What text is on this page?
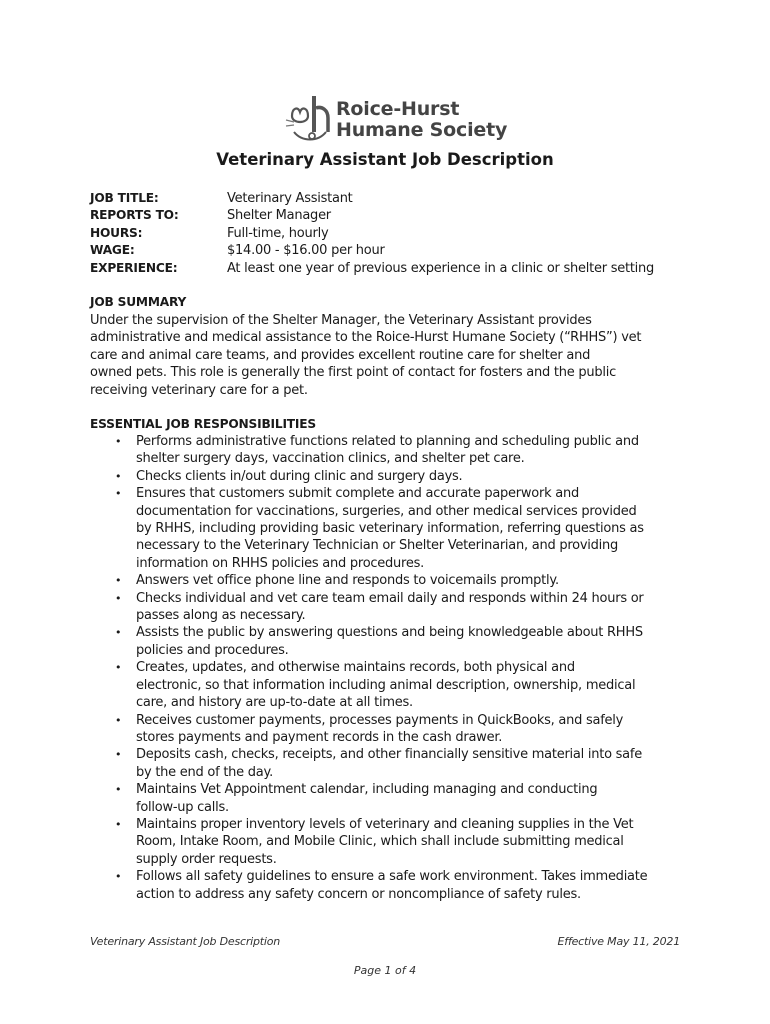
Roice-Hurst
Humane Society
Veterinary Assistant Job Description
JOB TITLE:	Veterinary Assistant
REPORTS TO:	Shelter Manager
HOURS:	Full-time, hourly
WAGE:	$14.00 - $16.00 per hour
EXPERIENCE:	At least one year of previous experience in a clinic or shelter setting
JOB SUMMARY
Under the supervision of the Shelter Manager, the Veterinary Assistant provides
administrative and medical assistance to the Roice-Hurst Humane Society (“RHHS”) vet
care and animal care teams, and provides excellent routine care for shelter and
owned pets. This role is generally the first point of contact for fosters and the public
receiving veterinary care for a pet.
ESSENTIAL JOB RESPONSIBILITIES
• Performs administrative functions related to planning and scheduling public and
shelter surgery days, vaccination clinics, and shelter pet care.
• Checks clients in/out during clinic and surgery days.
• Ensures that customers submit complete and accurate paperwork and
documentation for vaccinations, surgeries, and other medical services provided
by RHHS, including providing basic veterinary information, referring questions as
necessary to the Veterinary Technician or Shelter Veterinarian, and providing
information on RHHS policies and procedures.
• Answers vet office phone line and responds to voicemails promptly.
• Checks individual and vet care team email daily and responds within 24 hours or
passes along as necessary.
• Assists the public by answering questions and being knowledgeable about RHHS
policies and procedures.
• Creates, updates, and otherwise maintains records, both physical and
electronic, so that information including animal description, ownership, medical
care, and history are up-to-date at all times.
• Receives customer payments, processes payments in QuickBooks, and safely
stores payments and payment records in the cash drawer.
• Deposits cash, checks, receipts, and other financially sensitive material into safe
by the end of the day.
• Maintains Vet Appointment calendar, including managing and conducting
follow-up calls.
• Maintains proper inventory levels of veterinary and cleaning supplies in the Vet
Room, Intake Room, and Mobile Clinic, which shall include submitting medical
supply order requests.
• Follows all safety guidelines to ensure a safe work environment. Takes immediate
action to address any safety concern or noncompliance of safety rules.
Veterinary Assistant Job Description	Effective May 11, 2021
Page 1 of 4
